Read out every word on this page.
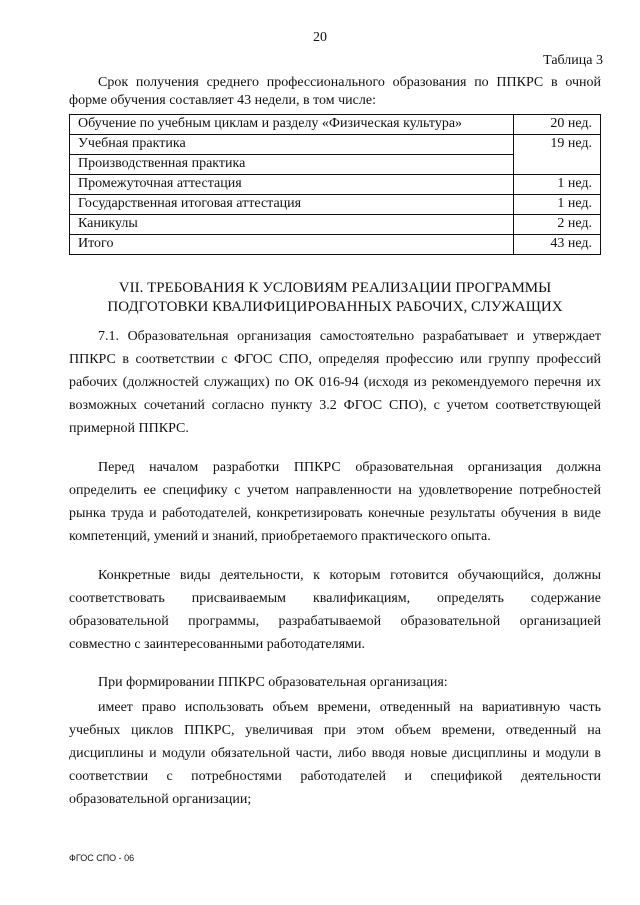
20
Таблица 3

Срок получения среднего профессионального образования по ППКРС в очной форме обучения составляет 43 недели, в том числе:

Обучение по учебным циклам и разделу «Физическая культура»	20 нед.
Учебная практика	19 нед.
Производственная практика	
Промежуточная аттестация	1 нед.
Государственная итоговая аттестация	1 нед.
Каникулы	2 нед.
Итого	43 нед.
VII. ТРЕБОВАНИЯ К УСЛОВИЯМ РЕАЛИЗАЦИИ ПРОГРАММЫ
ПОДГОТОВКИ КВАЛИФИЦИРОВАННЫХ РАБОЧИХ, СЛУЖАЩИХ

7.1. Образовательная организация самостоятельно разрабатывает и утверждает ППКРС в соответствии с ФГОС СПО, определяя профессию или группу профессий рабочих (должностей служащих) по ОК 016-94 (исходя из рекомендуемого перечня их возможных сочетаний согласно пункту 3.2 ФГОС СПО), с учетом соответствующей примерной ППКРС.

Перед началом разработки ППКРС образовательная организация должна определить ее специфику с учетом направленности на удовлетворение потребностей рынка труда и работодателей, конкретизировать конечные результаты обучения в виде компетенций, умений и знаний, приобретаемого практического опыта.

Конкретные виды деятельности, к которым готовится обучающийся, должны соответствовать присваиваемым квалификациям, определять содержание образовательной программы, разрабатываемой образовательной организацией совместно с заинтересованными работодателями.

При формировании ППКРС образовательная организация:

имеет право использовать объем времени, отведенный на вариативную часть учебных циклов ППКРС, увеличивая при этом объем времени, отведенный на дисциплины и модули обязательной части, либо вводя новые дисциплины и модули в соответствии с потребностями работодателей и спецификой деятельности образовательной организации;

ФГОС СПО - 06
